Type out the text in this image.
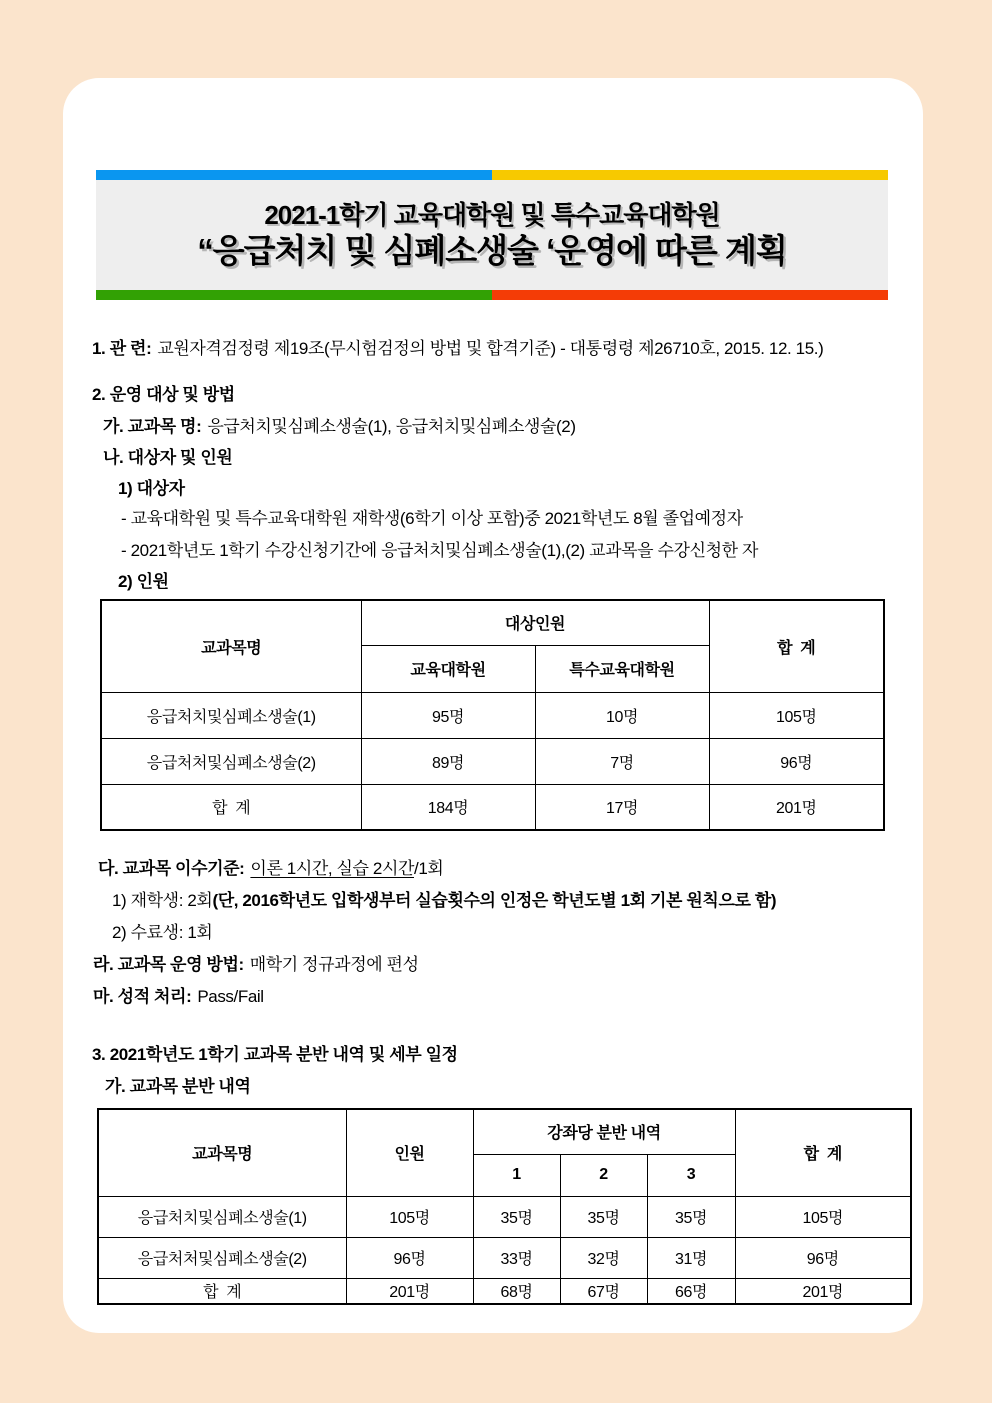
2021-1학기 교육대학원 및 특수교육대학원
“응급처치 및 심폐소생술 ‘운영에 따른 계획
1. 관 련: 교원자격검정령 제19조(무시험검정의 방법 및 합격기준) - 대통령령 제26710호, 2015. 12. 15.)
2. 운영 대상 및 방법
가. 교과목 명: 응급처치및심폐소생술(1), 응급처치및심폐소생술(2)
나. 대상자 및 인원
1) 대상자
- 교육대학원 및 특수교육대학원 재학생(6학기 이상 포함)중 2021학년도 8월 졸업예정자
- 2021학년도 1학기 수강신청기간에 응급처치및심폐소생술(1),(2) 교과목을 수강신청한 자
2) 인원
교과목명	대상인원		합  계
	교육대학원	특수교육대학원	
응급처치및심폐소생술(1)	95명	10명	105명
응급처처및심폐소생술(2)	89명	7명	96명
합  계	184명	17명	201명
다. 교과목 이수기준: 이론 1시간, 실습 2시간/1회
1) 재학생: 2회(단, 2016학년도 입학생부터 실습횟수의 인정은 학년도별 1회 기본 원칙으로 함)
2) 수료생: 1회
라. 교과목 운영 방법: 매학기 정규과정에 편성
마. 성적 처리: Pass/Fail
3. 2021학년도 1학기 교과목 분반 내역 및 세부 일정
가. 교과목 분반 내역
교과목명	인원	강좌당 분반 내역			합  계
		1	2	3	
응급처치및심폐소생술(1)	105명	35명	35명	35명	105명
응급처처및심폐소생술(2)	96명	33명	32명	31명	96명
합  계	201명	68명	67명	66명	201명
